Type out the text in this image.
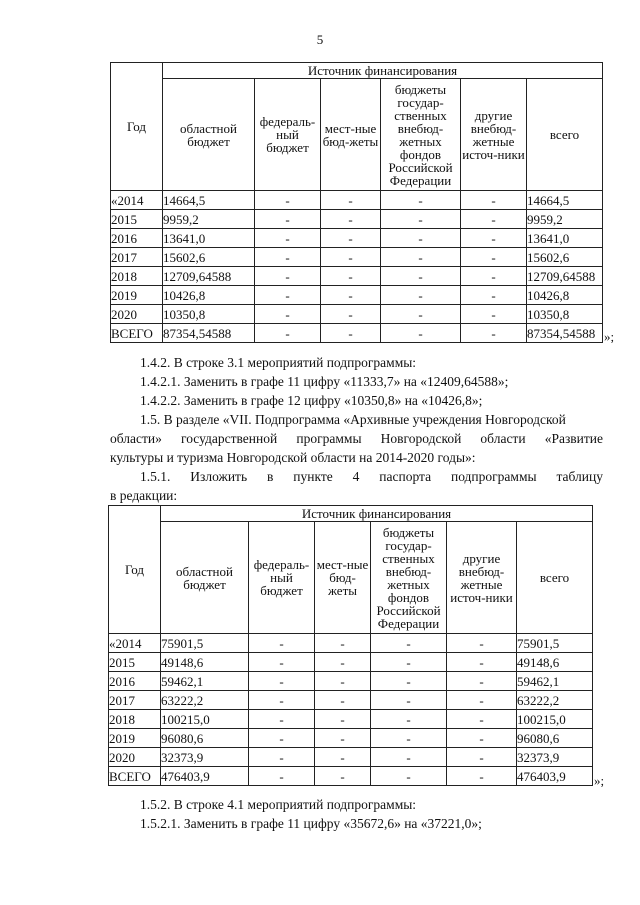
5
Год	Источник финансирования					
	областной бюджет	федераль-ный бюджет	мест-ные бюд-жеты	бюджеты государ-ственных внебюд-жетных фондов Российской Федерации	другие внебюд-жетные источ-ники	всего
«2014	14664,5	-	-	-	-	14664,5
2015	9959,2	-	-	-	-	9959,2
2016	13641,0	-	-	-	-	13641,0
2017	15602,6	-	-	-	-	15602,6
2018	12709,64588	-	-	-	-	12709,64588
2019	10426,8	-	-	-	-	10426,8
2020	10350,8	-	-	-	-	10350,8
ВСЕГО	87354,54588	-	-	-	-	87354,54588 »;
1.4.2. В строке 3.1 мероприятий подпрограммы:
1.4.2.1. Заменить в графе 11 цифру «11333,7» на «12409,64588»;
1.4.2.2. Заменить в графе 12 цифру «10350,8» на «10426,8»;
1.5. В разделе «VII. Подпрограмма «Архивные учреждения Новгородской
области» государственной программы Новгородской области «Развитие
культуры и туризма Новгородской области на 2014-2020 годы»:
1.5.1. Изложить в пункте 4 паспорта подпрограммы таблицу
в редакции:
Год	Источник финансирования					
	областной бюджет	федераль-ный бюджет	мест-ные бюд-жеты	бюджеты государ-ственных внебюд-жетных фондов Российской Федерации	другие внебюд-жетные источ-ники	всего
«2014	75901,5	-	-	-	-	75901,5
2015	49148,6	-	-	-	-	49148,6
2016	59462,1	-	-	-	-	59462,1
2017	63222,2	-	-	-	-	63222,2
2018	100215,0	-	-	-	-	100215,0
2019	96080,6	-	-	-	-	96080,6
2020	32373,9	-	-	-	-	32373,9
ВСЕГО	476403,9	-	-	-	-	476403,9 »;
1.5.2. В строке 4.1 мероприятий подпрограммы:
1.5.2.1. Заменить в графе 11 цифру «35672,6» на «37221,0»;
